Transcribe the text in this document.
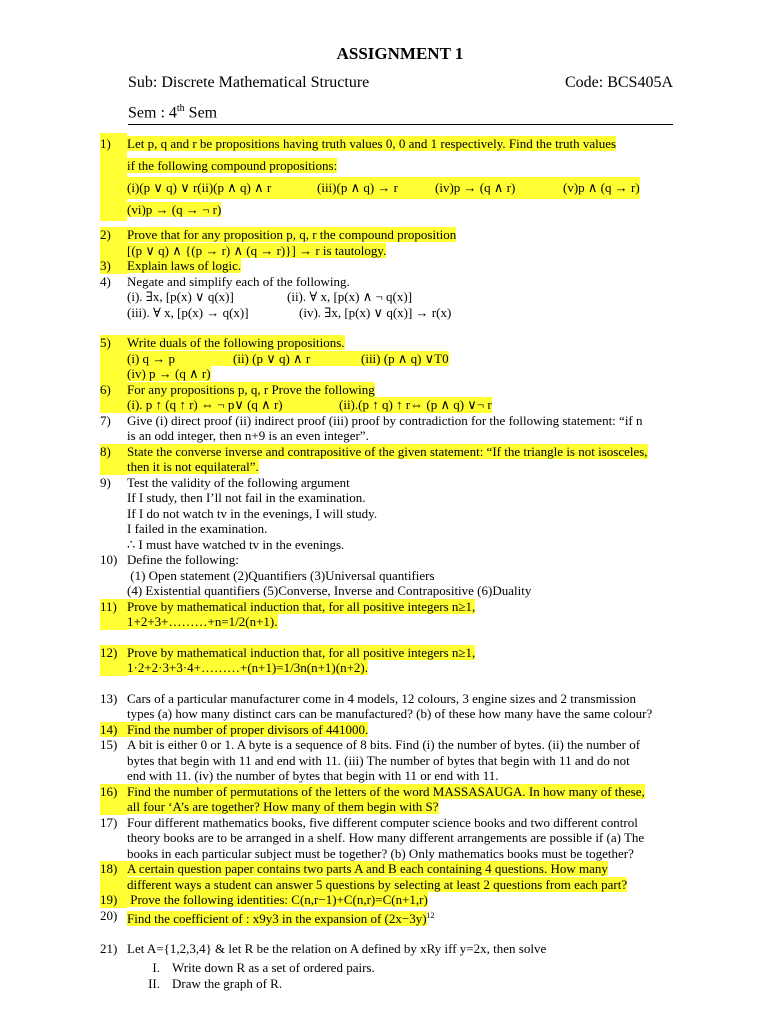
ASSIGNMENT 1
Sub: Discrete Mathematical Structure	Code: BCS405A
Sem : 4th Sem
1)	Let p, q and r be propositions having truth values 0, 0 and 1 respectively. Find the truth values
if the following compound propositions:
(i)(p ∨ q) ∨ r(ii)(p ∧ q) ∧ r	(iii)(p ∧ q) → r	(iv)p → (q ∧ r)	(v)p ∧ (q → r)
(vi)p → (q → ¬ r)
2)	Prove that for any proposition p, q, r the compound proposition
[(p ∨ q) ∧ {(p → r) ∧ (q → r)}] → r is tautology.
3)	Explain laws of logic.
4)	Negate and simplify each of the following.
(i). ∃x, [p(x) ∨ q(x)]	(ii). ∀ x, [p(x) ∧ ¬ q(x)]
(iii). ∀ x, [p(x) → q(x)]	(iv). ∃x, [p(x) ∨ q(x)] → r(x)
5)	Write duals of the following propositions.
(i) q → p	(ii) (p ∨ q) ∧ r	(iii) (p ∧ q) ∨T0
(iv) p → (q ∧ r)
6)	For any propositions p, q, r Prove the following
(i). p ↑ (q ↑ r) ⇔ ¬ p∨ (q ∧ r)	(ii).(p ↑ q) ↑ r⇔ (p ∧ q) ∨¬ r
7)	Give (i) direct proof (ii) indirect proof (iii) proof by contradiction for the following statement: “if n
is an odd integer, then n+9 is an even integer”.
8)	State the converse inverse and contrapositive of the given statement: “If the triangle is not isosceles,
then it is not equilateral”.
9)	Test the validity of the following argument
If I study, then I’ll not fail in the examination.
If I do not watch tv in the evenings, I will study.
I failed in the examination.
∴ I must have watched tv in the evenings.
10) Define the following:
(1) Open statement (2)Quantifiers (3)Universal quantifiers
(4) Existential quantifiers (5)Converse, Inverse and Contrapositive (6)Duality
11) Prove by mathematical induction that, for all positive integers n≥1,
1+2+3+………+n=1/2(n+1).
12) Prove by mathematical induction that, for all positive integers n≥1,
1·2+2·3+3·4+………+(n+1)=1/3n(n+1)(n+2).
13) Cars of a particular manufacturer come in 4 models, 12 colours, 3 engine sizes and 2 transmission
types (a) how many distinct cars can be manufactured? (b) of these how many have the same colour?
14) Find the number of proper divisors of 441000.
15) A bit is either 0 or 1. A byte is a sequence of 8 bits. Find (i) the number of bytes. (ii) the number of
bytes that begin with 11 and end with 11. (iii) The number of bytes that begin with 11 and do not
end with 11. (iv) the number of bytes that begin with 11 or end with 11.
16) Find the number of permutations of the letters of the word MASSASAUGA. In how many of these,
all four ‘A’s are together? How many of them begin with S?
17) Four different mathematics books, five different computer science books and two different control
theory books are to be arranged in a shelf. How many different arrangements are possible if (a) The
books in each particular subject must be together? (b) Only mathematics books must be together?
18) A certain question paper contains two parts A and B each containing 4 questions. How many
different ways a student can answer 5 questions by selecting at least 2 questions from each part?
19) Prove the following identities: C(n,r−1)+C(n,r)=C(n+1,r)
20) Find the coefficient of : x9y3 in the expansion of $(2x-3y)^{12}$
21) Let A={1,2,3,4} & let R be the relation on A defined by xRy iff y=2x, then solve
I. Write down R as a set of ordered pairs.
II. Draw the graph of R.
